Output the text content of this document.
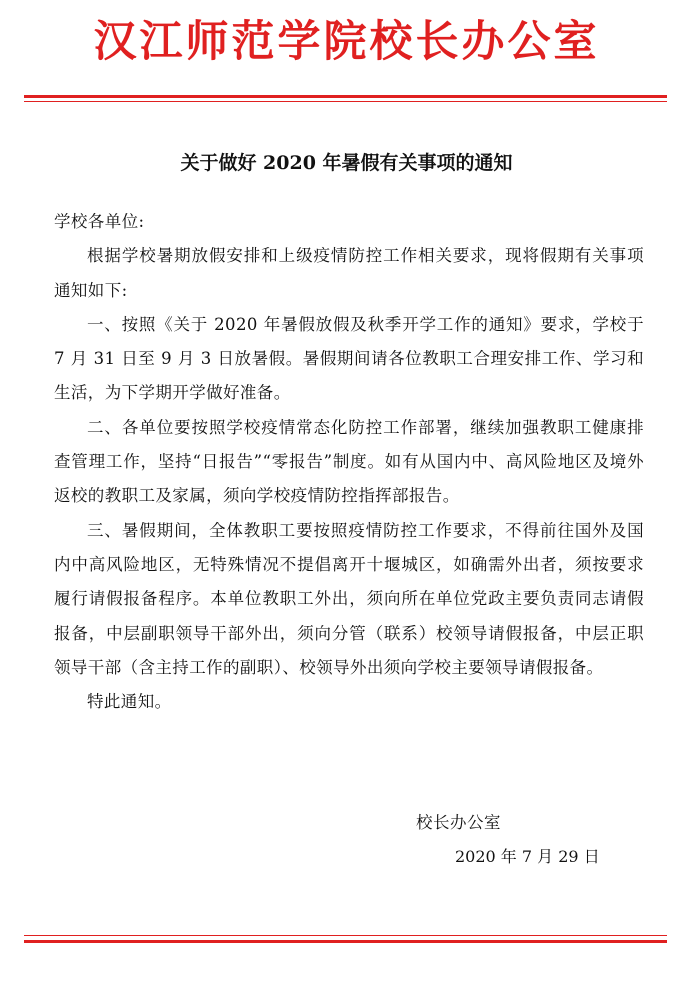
汉江师范学院校长办公室
关于做好 2020 年暑假有关事项的通知

学校各单位:

根据学校暑期放假安排和上级疫情防控工作相关要求，现将假期有关事项通知如下:

一、按照《关于 2020 年暑假放假及秋季开学工作的通知》要求，学校于 7 月 31 日至 9 月 3 日放暑假。暑假期间请各位教职工合理安排工作、学习和生活，为下学期开学做好准备。

二、各单位要按照学校疫情常态化防控工作部署，继续加强教职工健康排查管理工作，坚持“日报告”“零报告”制度。如有从国内中、高风险地区及境外返校的教职工及家属，须向学校疫情防控指挥部报告。

三、暑假期间，全体教职工要按照疫情防控工作要求，不得前往国外及国内中高风险地区，无特殊情况不提倡离开十堰城区，如确需外出者，须按要求履行请假报备程序。本单位教职工外出，须向所在单位党政主要负责同志请假报备，中层副职领导干部外出，须向分管（联系）校领导请假报备，中层正职领导干部（含主持工作的副职）、校领导外出须向学校主要领导请假报备。

特此通知。

校长办公室
2020 年 7 月 29 日
